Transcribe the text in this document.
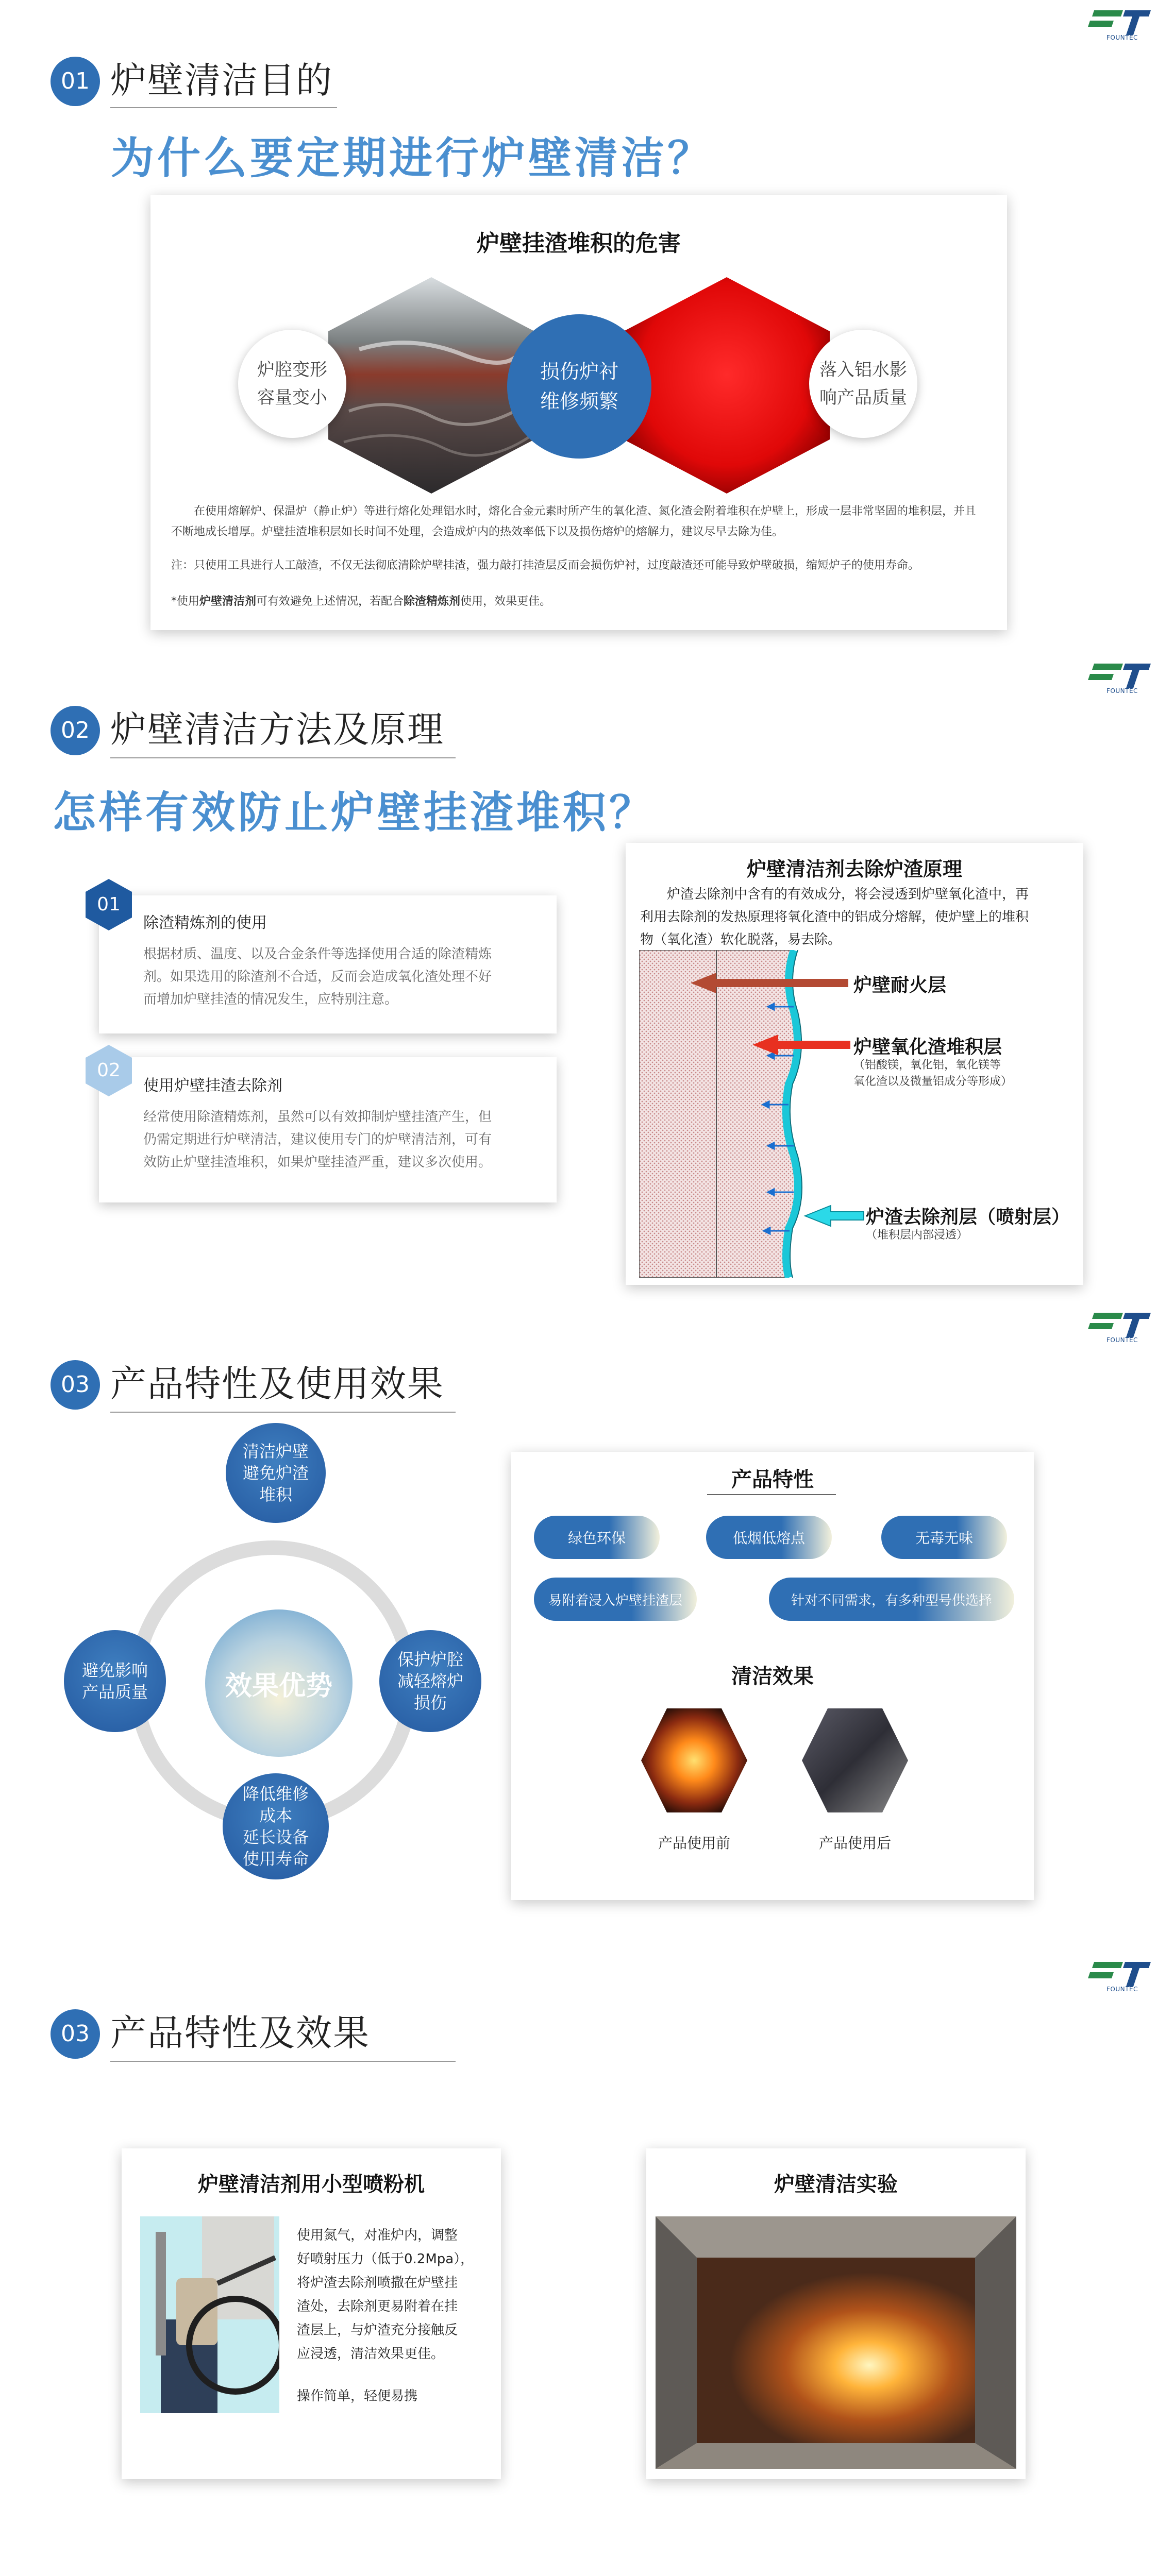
FOUNTEC
FOUNTEC
FOUNTEC
FOUNTEC
01 炉壁清洁目的
为什么要定期进行炉壁清洁？
炉壁挂渣堆积的危害
炉腔变形
容量变小
损伤炉衬
维修频繁
落入铝水影
响产品质量
在使用熔解炉、保温炉（静止炉）等进行熔化处理铝水时，熔化合金元素时所产生的氧化渣、氮化渣会附着堆积在炉壁上，形成一层非常坚固的堆积层，并且不断地成长增厚。炉壁挂渣堆积层如长时间不处理，会造成炉内的热效率低下以及损伤熔炉的熔解力，建议尽早去除为佳。
注：只使用工具进行人工敲渣，不仅无法彻底清除炉壁挂渣，强力敲打挂渣层反而会损伤炉衬，过度敲渣还可能导致炉壁破损，缩短炉子的使用寿命。
*使用炉壁清洁剂可有效避免上述情况，若配合除渣精炼剂使用，效果更佳。
02 炉壁清洁方法及原理
怎样有效防止炉壁挂渣堆积？
除渣精炼剂的使用
根据材质、温度、以及合金条件等选择使用合适的除渣精炼
剂。如果选用的除渣剂不合适，反而会造成氧化渣处理不好
而增加炉壁挂渣的情况发生，应特别注意。
01
使用炉壁挂渣去除剂
经常使用除渣精炼剂，虽然可以有效抑制炉壁挂渣产生，但
仍需定期进行炉壁清洁，建议使用专门的炉壁清洁剂，可有
效防止炉壁挂渣堆积，如果炉壁挂渣严重，建议多次使用。
02
炉壁清洁剂去除炉渣原理
炉渣去除剂中含有的有效成分，将会浸透到炉壁氧化渣中，再
利用去除剂的发热原理将氧化渣中的铝成分熔解，使炉壁上的堆积
物（氧化渣）软化脱落，易去除。
炉壁耐火层
炉壁氧化渣堆积层
（铝酸镁，氧化铝，氧化镁等
氧化渣以及微量铝成分等形成）
炉渣去除剂层（喷射层）
（堆积层内部浸透）
03 产品特性及使用效果
效果优势
清洁炉壁
避免炉渣
堆积
避免影响
产品质量
保护炉腔
减轻熔炉
损伤
降低维修
成本
延长设备
使用寿命
产品特性
绿色环保	低烟低熔点	无毒无味
易附着浸入炉壁挂渣层	针对不同需求，有多种型号供选择
清洁效果
产品使用前	产品使用后
03 产品特性及效果
炉壁清洁剂用小型喷粉机
使用氮气，对准炉内，调整
好喷射压力（低于0.2Mpa），
将炉渣去除剂喷撒在炉壁挂
渣处，去除剂更易附着在挂
渣层上，与炉渣充分接触反
应浸透，清洁效果更佳。
操作简单，轻便易携
炉壁清洁实验
